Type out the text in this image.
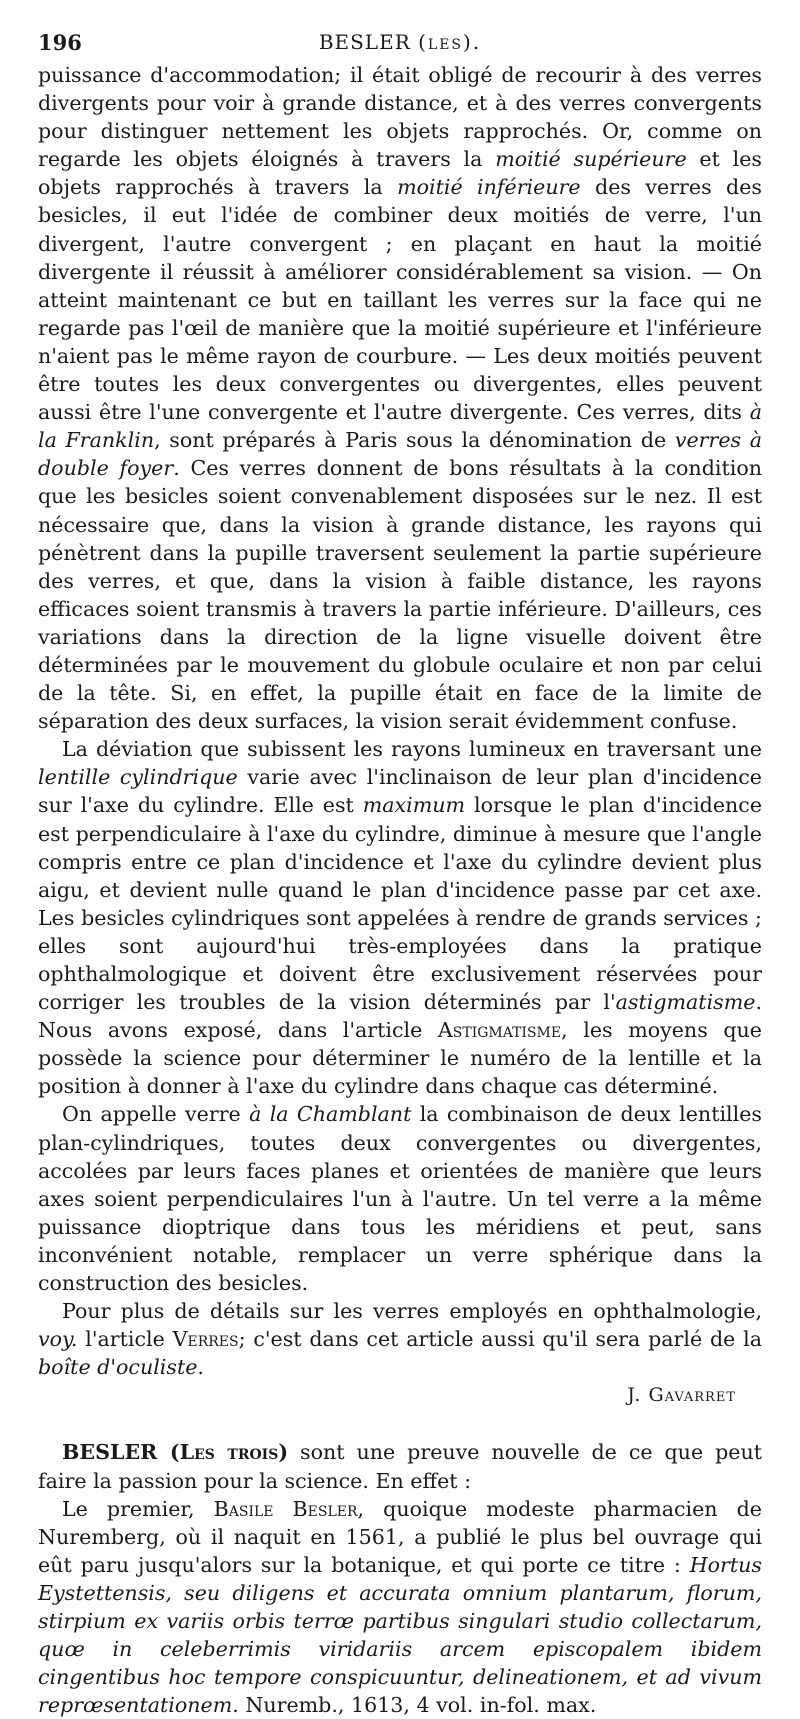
196	BESLER (les).

puissance d'accommodation; il était obligé de recourir à des verres divergents pour voir à grande distance, et à des verres convergents pour distinguer nettement les objets rapprochés. Or, comme on regarde les objets éloignés à travers la moitié supérieure et les objets rapprochés à travers la moitié inférieure des verres des besicles, il eut l'idée de combiner deux moitiés de verre, l'un divergent, l'autre convergent ; en plaçant en haut la moitié divergente il réussit à améliorer considérablement sa vision. — On atteint maintenant ce but en taillant les verres sur la face qui ne regarde pas l'œil de manière que la moitié supérieure et l'inférieure n'aient pas le même rayon de courbure. — Les deux moitiés peuvent être toutes les deux convergentes ou divergentes, elles peuvent aussi être l'une convergente et l'autre divergente. Ces verres, dits à la Franklin, sont préparés à Paris sous la dénomination de verres à double foyer. Ces verres donnent de bons résultats à la condition que les besicles soient convenablement disposées sur le nez. Il est nécessaire que, dans la vision à grande distance, les rayons qui pénètrent dans la pupille traversent seulement la partie supérieure des verres, et que, dans la vision à faible distance, les rayons efficaces soient transmis à travers la partie inférieure. D'ailleurs, ces variations dans la direction de la ligne visuelle doivent être déterminées par le mouvement du globule oculaire et non par celui de la tête. Si, en effet, la pupille était en face de la limite de séparation des deux surfaces, la vision serait évidemment confuse.

La déviation que subissent les rayons lumineux en traversant une lentille cylindrique varie avec l'inclinaison de leur plan d'incidence sur l'axe du cylindre. Elle est maximum lorsque le plan d'incidence est perpendiculaire à l'axe du cylindre, diminue à mesure que l'angle compris entre ce plan d'incidence et l'axe du cylindre devient plus aigu, et devient nulle quand le plan d'incidence passe par cet axe. Les besicles cylindriques sont appelées à rendre de grands services ; elles sont aujourd'hui très-employées dans la pratique ophthalmologique et doivent être exclusivement réservées pour corriger les troubles de la vision déterminés par l'astigmatisme. Nous avons exposé, dans l'article Astigmatisme, les moyens que possède la science pour déterminer le numéro de la lentille et la position à donner à l'axe du cylindre dans chaque cas déterminé.

On appelle verre à la Chamblant la combinaison de deux lentilles plan-cylindriques, toutes deux convergentes ou divergentes, accolées par leurs faces planes et orientées de manière que leurs axes soient perpendiculaires l'un à l'autre. Un tel verre a la même puissance dioptrique dans tous les méridiens et peut, sans inconvénient notable, remplacer un verre sphérique dans la construction des besicles.

Pour plus de détails sur les verres employés en ophthalmologie, voy. l'article Verres; c'est dans cet article aussi qu'il sera parlé de la boîte d'oculiste.

J. Gavarret

BESLER (Les trois) sont une preuve nouvelle de ce que peut faire la passion pour la science. En effet :

Le premier, Basile Besler, quoique modeste pharmacien de Nuremberg, où il naquit en 1561, a publié le plus bel ouvrage qui eût paru jusqu'alors sur la botanique, et qui porte ce titre : Hortus Eystettensis, seu diligens et accurata omnium plantarum, florum, stirpium ex variis orbis terrœ partibus singulari studio collectarum, quœ in celeberrimis viridariis arcem episcopalem ibidem cingentibus hoc tempore conspicuuntur, delineationem, et ad vivum reprœsentationem. Nuremb., 1613, 4 vol. in-fol. max.
